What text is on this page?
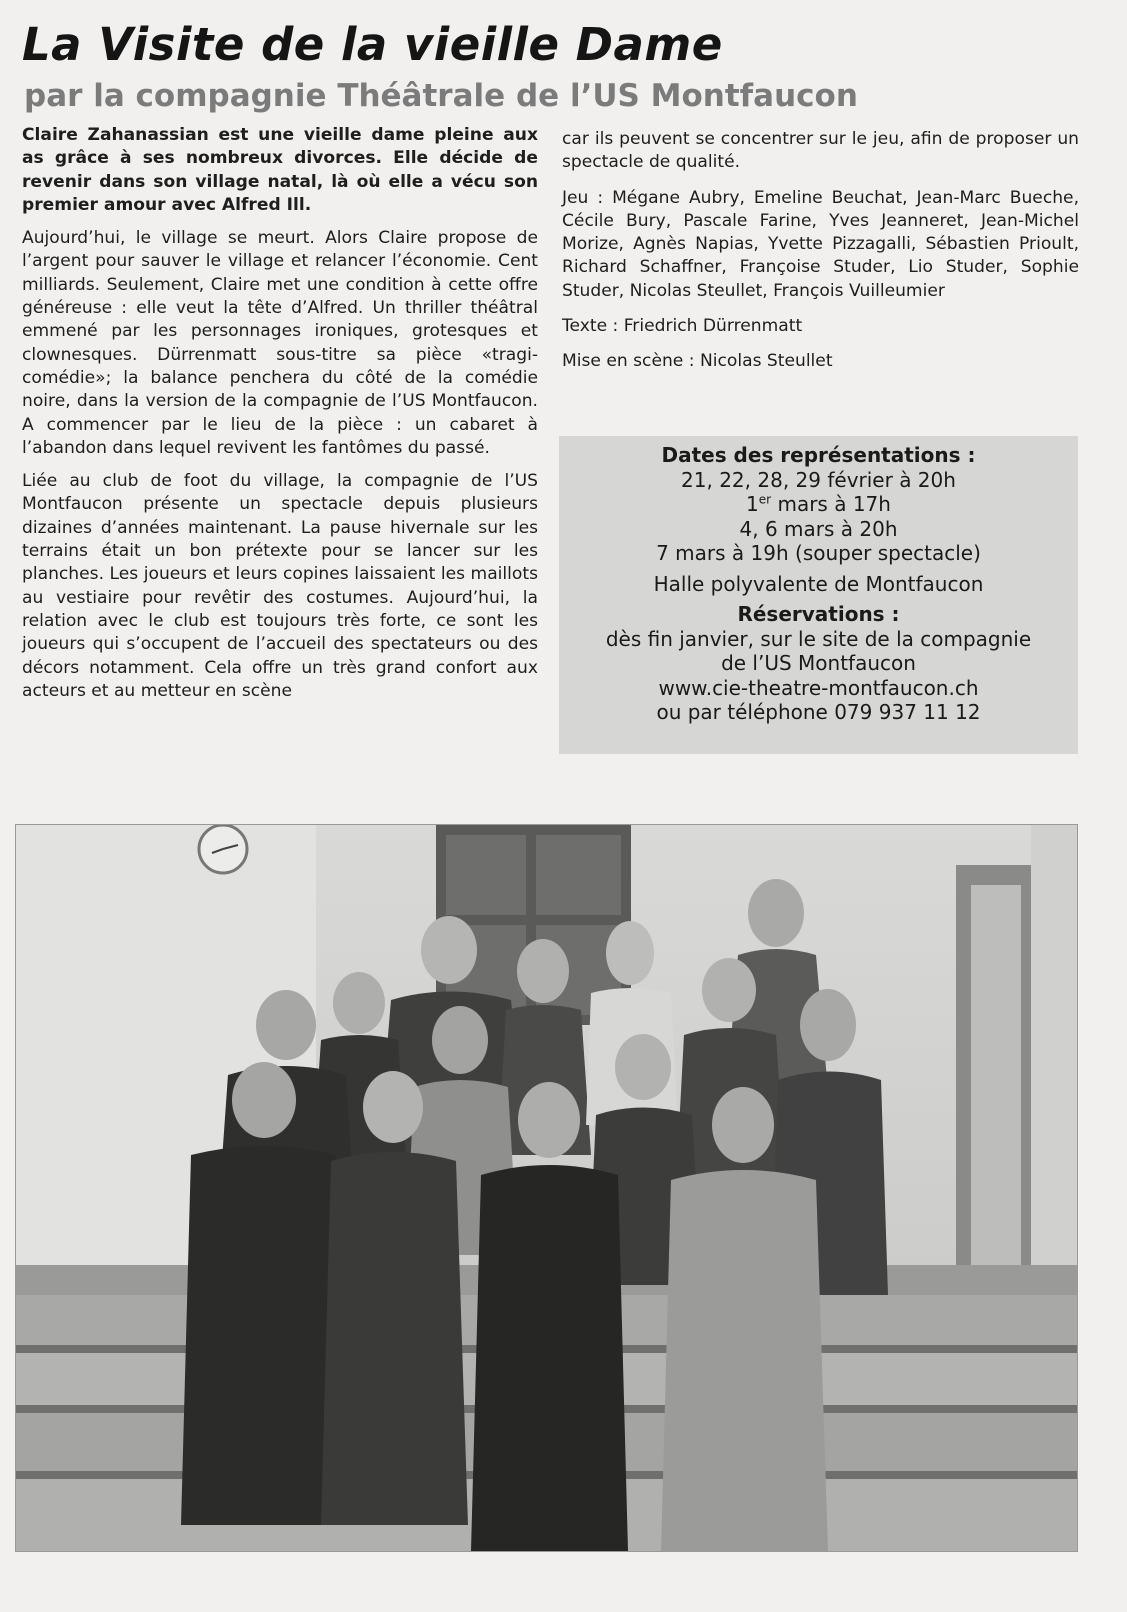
La Visite de la vieille Dame
par la compagnie Théâtrale de l’US Montfaucon

Claire Zahanassian est une vieille dame pleine aux as grâce à ses nombreux divorces. Elle décide de revenir dans son village natal, là où elle a vécu son premier amour avec Alfred Ill.

Aujourd’hui, le village se meurt. Alors Claire propose de l’argent pour sauver le village et relancer l’économie. Cent milliards. Seulement, Claire met une condition à cette offre généreuse : elle veut la tête d’Alfred. Un thriller théâtral emmené par les personnages ironiques, grotesques et clownesques. Dürrenmatt sous-titre sa pièce «tragi-comédie»; la balance penchera du côté de la comédie noire, dans la version de la compagnie de l’US Montfaucon. A commencer par le lieu de la pièce : un cabaret à l’abandon dans lequel revivent les fantômes du passé.

Liée au club de foot du village, la compagnie de l’US Montfaucon présente un spectacle depuis plusieurs dizaines d’années maintenant. La pause hivernale sur les terrains était un bon prétexte pour se lancer sur les planches. Les joueurs et leurs copines laissaient les maillots au vestiaire pour revêtir des costumes. Aujourd’hui, la relation avec le club est toujours très forte, ce sont les joueurs qui s’occupent de l’accueil des spectateurs ou des décors notamment. Cela offre un très grand confort aux acteurs et au metteur en scène

car ils peuvent se concentrer sur le jeu, afin de proposer un spectacle de qualité.

Jeu : Mégane Aubry, Emeline Beuchat, Jean-Marc Bueche, Cécile Bury, Pascale Farine, Yves Jeanneret, Jean-Michel Morize, Agnès Napias, Yvette Pizzagalli, Sébastien Prioult, Richard Schaffner, Françoise Studer, Lio Studer, Sophie Studer, Nicolas Steullet, François Vuilleumier

Texte : Friedrich Dürrenmatt

Mise en scène : Nicolas Steullet

Dates des représentations :
21, 22, 28, 29 février à 20h
1er mars à 17h
4, 6 mars à 20h
7 mars à 19h (souper spectacle)
Halle polyvalente de Montfaucon
Réservations :
dès fin janvier, sur le site de la compagnie
de l’US Montfaucon
www.cie-theatre-montfaucon.ch
ou par téléphone 079 937 11 12
